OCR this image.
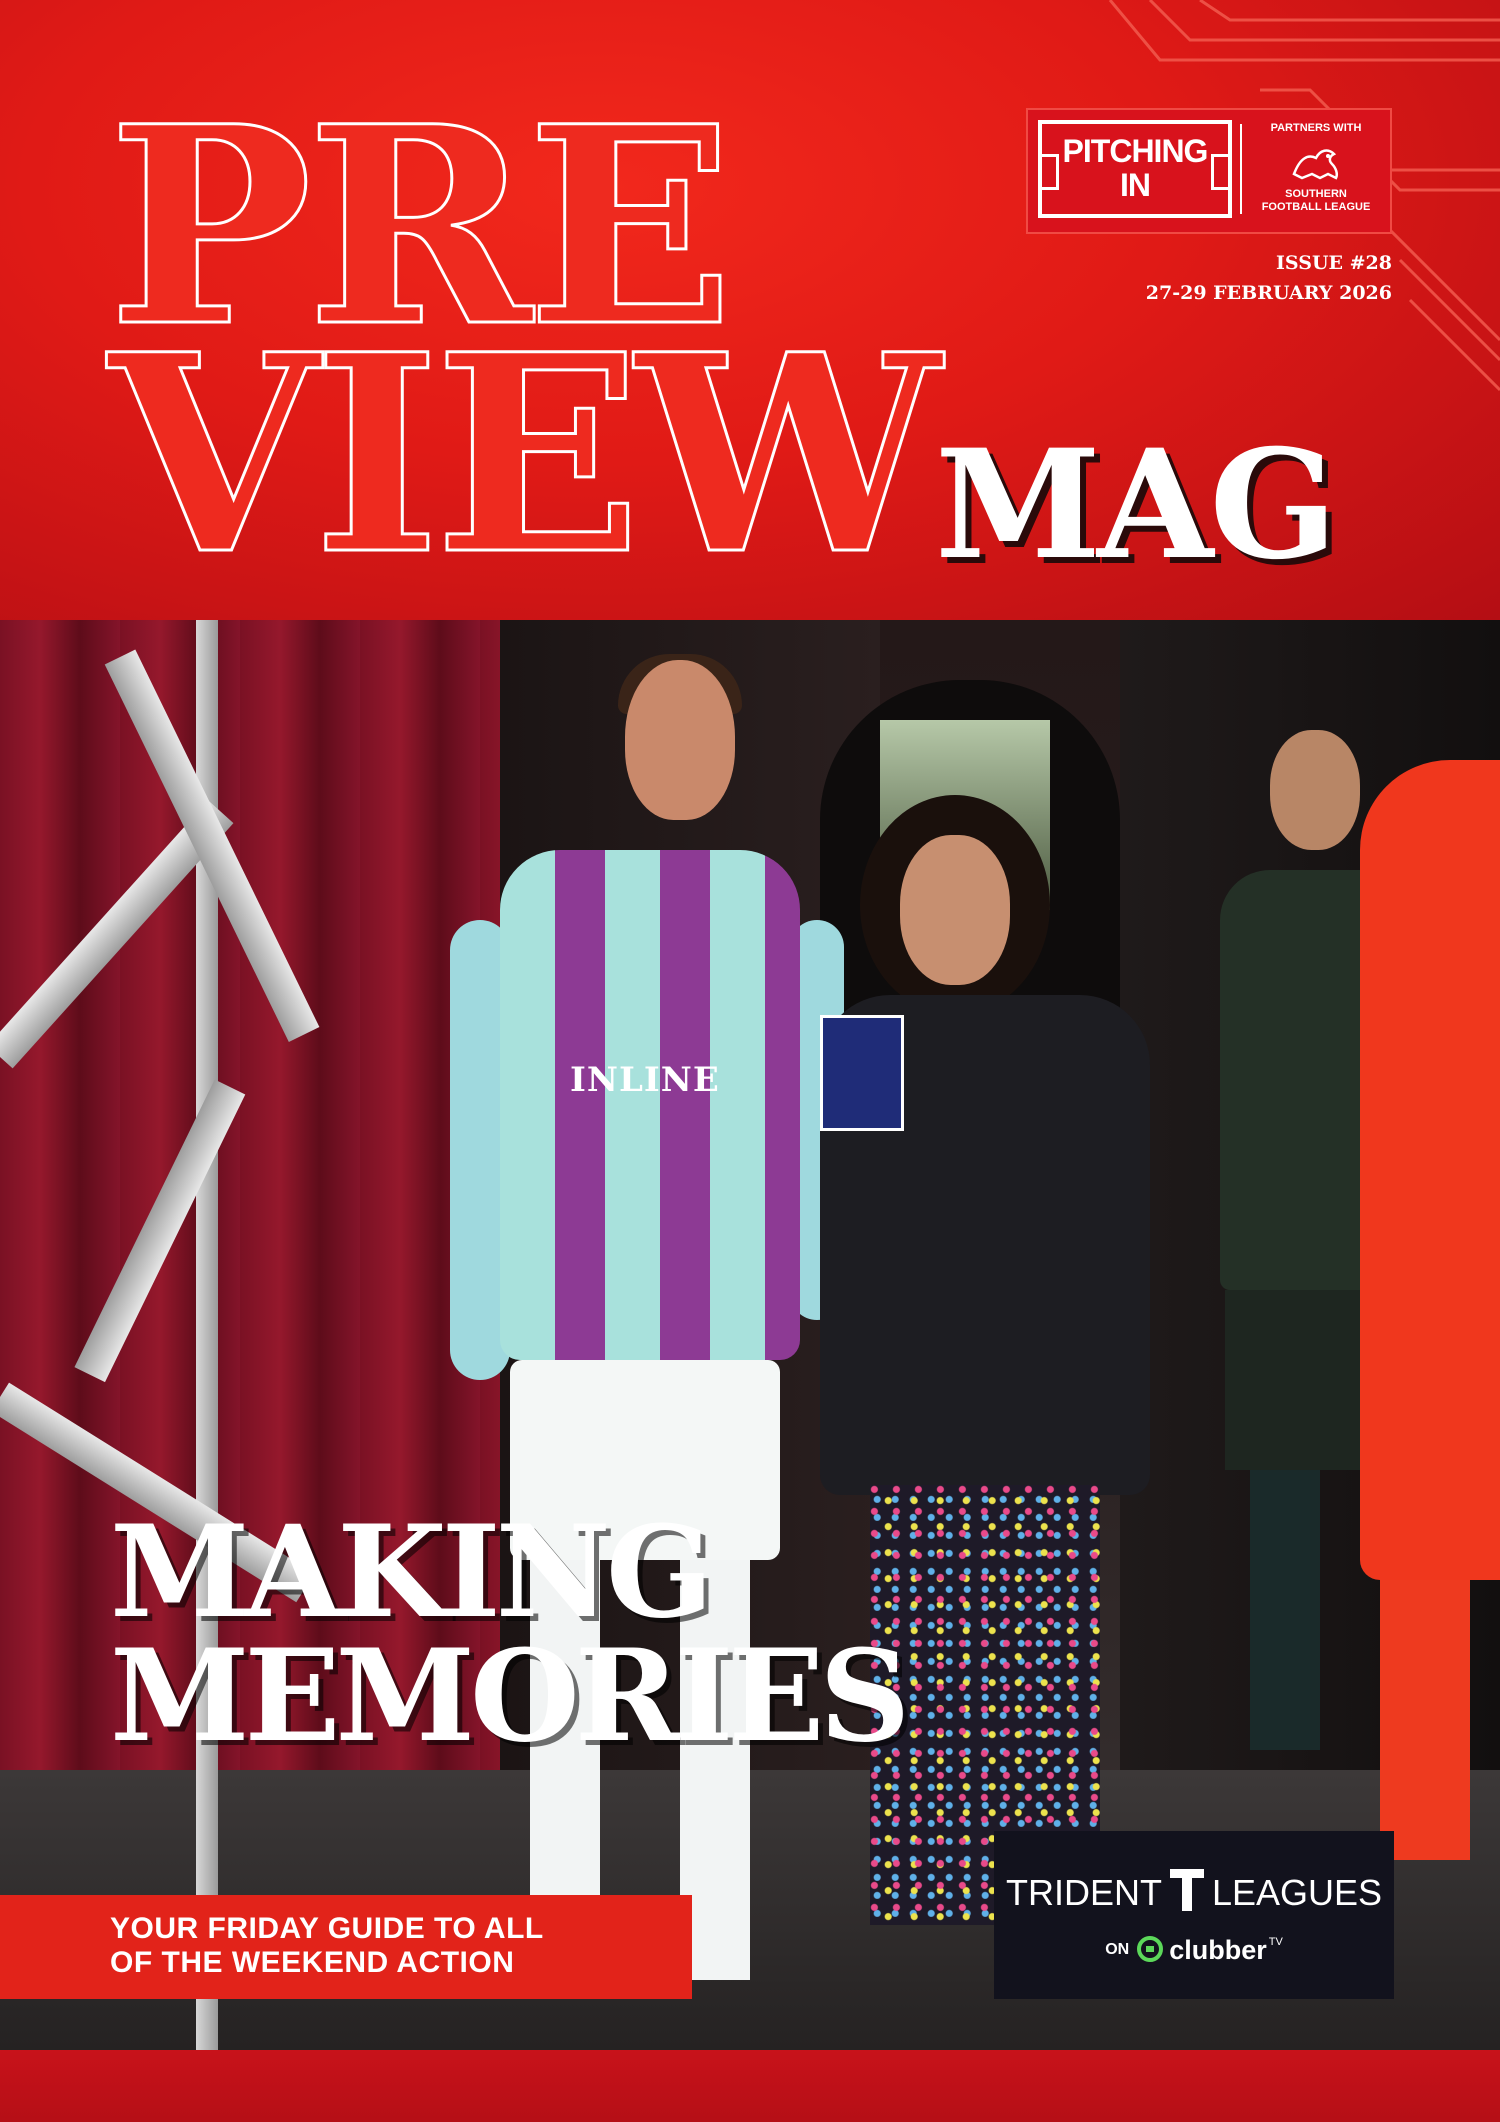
PRE
VIEW MAG
PITCHING
IN
PARTNERS WITH
SOUTHERN
FOOTBALL LEAGUE
ISSUE #28
27-29 FEBRUARY 2026
INLINE
MAKING
MEMORIES
YOUR FRIDAY GUIDE TO ALL
OF THE WEEKEND ACTION
TRIDENT LEAGUES
ON clubber $^{TV}$
